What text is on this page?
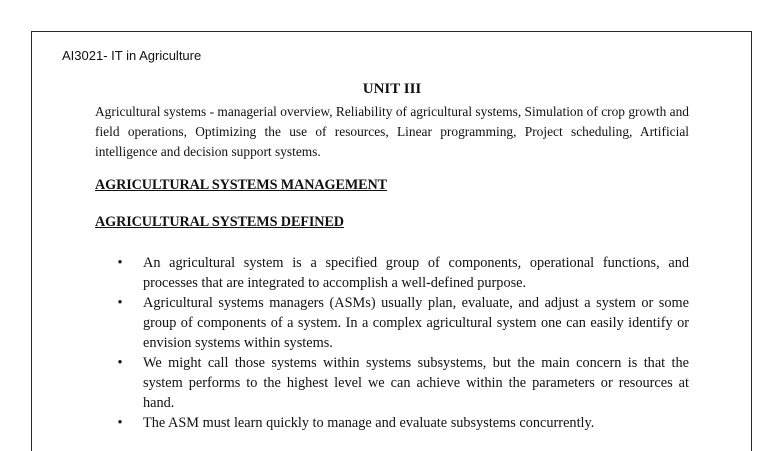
AI3021- IT in Agriculture
UNIT III
Agricultural systems - managerial overview, Reliability of agricultural systems, Simulation of crop growth and field operations, Optimizing the use of resources, Linear programming, Project scheduling, Artificial intelligence and decision support systems.
AGRICULTURAL SYSTEMS MANAGEMENT
AGRICULTURAL SYSTEMS DEFINED
• An agricultural system is a specified group of components, operational functions, and processes that are integrated to accomplish a well-defined purpose.
• Agricultural systems managers (ASMs) usually plan, evaluate, and adjust a system or some group of components of a system. In a complex agricultural system one can easily identify or envision systems within systems.
• We might call those systems within systems subsystems, but the main concern is that the system performs to the highest level we can achieve within the parameters or resources at hand.
• The ASM must learn quickly to manage and evaluate subsystems concurrently.
